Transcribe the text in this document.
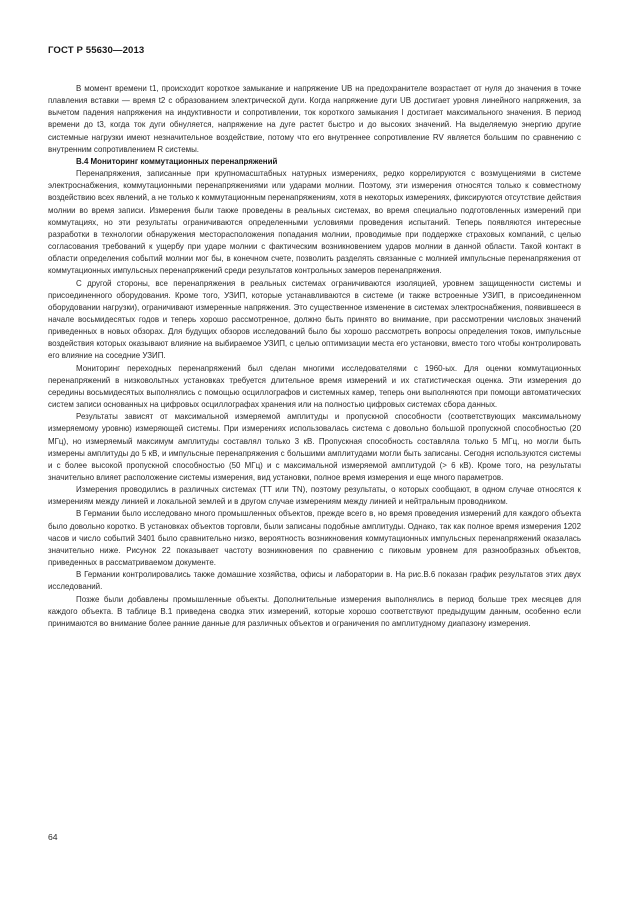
ГОСТ Р 55630—2013

В момент времени t1, происходит короткое замыкание и напряжение UВ на предохранителе возрастает от нуля до значения в точке плавления вставки — время t2 с образованием электрической дуги. Когда напряжение дуги UВ достигает уровня линейного напряжения, за вычетом падения напряжения на индуктивности и сопротивлении, ток короткого замыкания I достигает максимального значения. В период времени до t3, когда ток дуги обнуляется, напряжение на дуге растет быстро и до высоких значений. На выделяемую энергию другие системные нагрузки имеют незначительное воздействие, потому что его внутреннее сопротивление RV является большим по сравнению с внутренним сопротивлением R системы.

В.4 Мониторинг коммутационных перенапряжений

Перенапряжения, записанные при крупномасштабных натурных измерениях, редко коррелируются с возмущениями в системе электроснабжения, коммутационными перенапряжениями или ударами молнии. Поэтому, эти измерения относятся только к совместному воздействию всех явлений, а не только к коммутационным перенапряжениям, хотя в некоторых измерениях, фиксируются отсутствие действия молнии во время записи. Измерения были также проведены в реальных системах, во время специально подготовленных измерений при коммутациях, но эти результаты ограничиваются определенными условиями проведения испытаний. Теперь появляются интересные разработки в технологии обнаружения месторасположения попадания молнии, проводимые при поддержке страховых компаний, с целью согласования требований к ущербу при ударе молнии с фактическим возникновением ударов молнии в данной области. Такой контакт в области определения событий молнии мог бы, в конечном счете, позволить разделять связанные с молнией импульсные перенапряжения от коммутационных импульсных перенапряжений среди результатов контрольных замеров перенапряжения.

С другой стороны, все перенапряжения в реальных системах ограничиваются изоляцией, уровнем защищенности системы и присоединенного оборудования. Кроме того, УЗИП, которые устанавливаются в системе (и также встроенные УЗИП, в присоединенном оборудовании нагрузки), ограничивают измеренные напряжения. Это существенное изменение в системах электроснабжения, появившееся в начале восьмидесятых годов и теперь хорошо рассмотренное, должно быть принято во внимание, при рассмотрении числовых значений приведенных в новых обзорах. Для будущих обзоров исследований было бы хорошо рассмотреть вопросы определения токов, импульсные воздействия которых оказывают влияние на выбираемое УЗИП, с целью оптимизации места его установки, вместо того чтобы контролировать его влияние на соседние УЗИП.

Мониторинг переходных перенапряжений был сделан многими исследователями с 1960-ых. Для оценки коммутационных перенапряжений в низковольтных установках требуется длительное время измерений и их статистическая оценка. Эти измерения до середины восьмидесятых выполнялись с помощью осциллографов и системных камер, теперь они выполняются при помощи автоматических систем записи основанных на цифровых осциллографах хранения или на полностью цифровых системах сбора данных.

Результаты зависят от максимальной измеряемой амплитуды и пропускной способности (соответствующих максимальному измеряемому уровню) измеряющей системы. При измерениях использовалась система с довольно большой пропускной способностью (20 МГц), но измеряемый максимум амплитуды составлял только 3 кВ. Пропускная способность составляла только 5 МГц, но могли быть измерены амплитуды до 5 кВ, и импульсные перенапряжения с большими амплитудами могли быть записаны. Сегодня используются системы и с более высокой пропускной способностью (50 МГц) и с максимальной измеряемой амплитудой (> 6 кВ). Кроме того, на результаты значительно влияет расположение системы измерения, вид установки, полное время измерения и еще много параметров.

Измерения проводились в различных системах (ТТ или TN), поэтому результаты, о которых сообщают, в одном случае относятся к измерениям между линией и локальной землей и в другом случае измерениям между линией и нейтральным проводником.

В Германии было исследовано много промышленных объектов, прежде всего в, но время проведения измерений для каждого объекта было довольно коротко. В установках объектов торговли, были записаны подобные амплитуды. Однако, так как полное время измерения 1202 часов и число событий 3401 было сравнительно низко, вероятность возникновения коммутационных импульсных перенапряжений оказалась значительно ниже. Рисунок 22 показывает частоту возникновения по сравнению с пиковым уровнем для разнообразных объектов, приведенных в рассматриваемом документе.

В Германии контролировались также домашние хозяйства, офисы и лаборатории в. На рис.В.6 показан график результатов этих двух исследований.

Позже были добавлены промышленные объекты. Дополнительные измерения выполнялись в период больше трех месяцев для каждого объекта. В таблице В.1 приведена сводка этих измерений, которые хорошо соответствуют предыдущим данным, особенно если принимаются во внимание более ранние данные для различных объектов и ограничения по амплитудному диапазону измерения.

64
